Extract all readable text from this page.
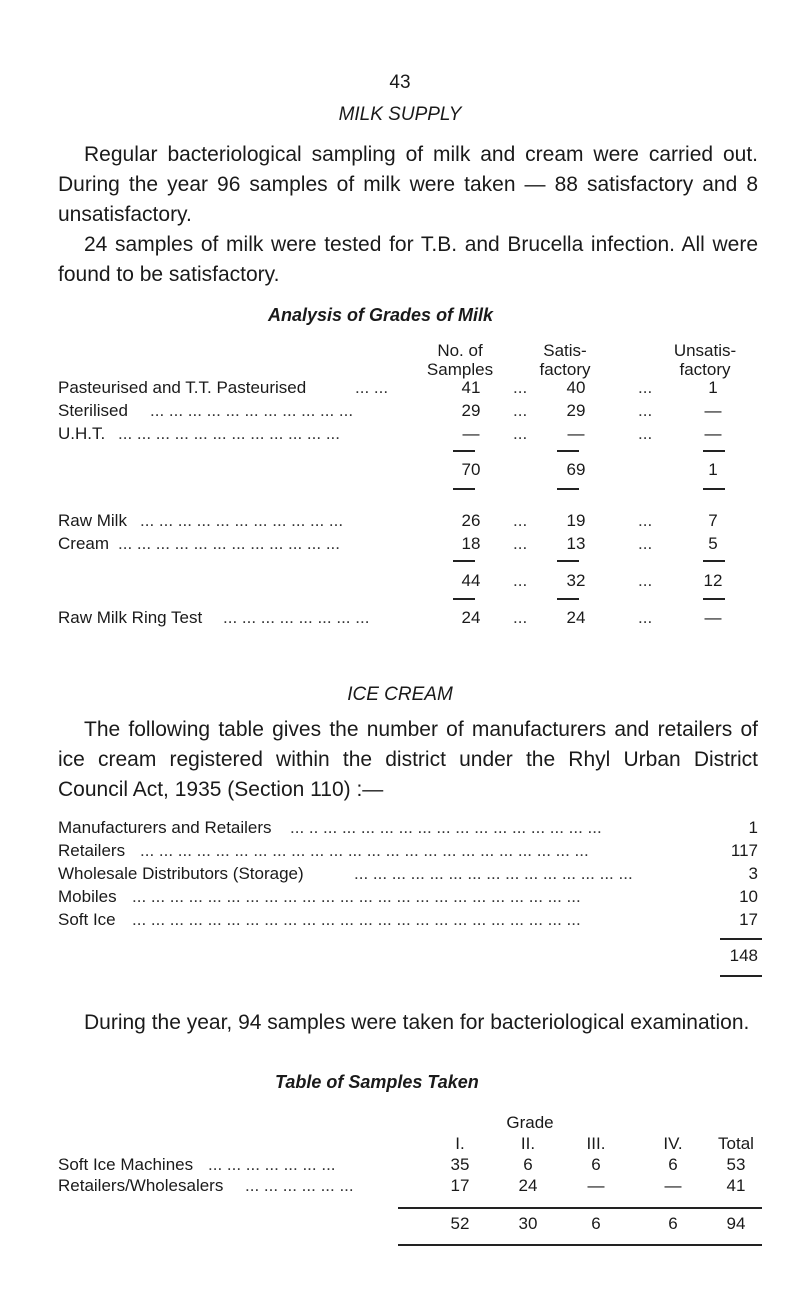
43
MILK SUPPLY

Regular bacteriological sampling of milk and cream were carried out. During the year 96 samples of milk were taken — 88 satisfactory and 8 unsatisfactory.

24 samples of milk were tested for T.B. and Brucella infection. All were found to be satisfactory.

Analysis of Grades of Milk
No. of Samples
Satis-factory
Unsatis-factory
Pasteurised and T.T. Pasteurised	... ...	41	...	40	...	1
Sterilised ... ... ... ... ... ... ... ... ... ... ...	29	...	29	...	—
U.H.T. ... ... ... ... ... ... ... ... ... ... ... ...	—	...	—	...	—
70	69	1
Raw Milk ... ... ... ... ... ... ... ... ... ... ...	26	...	19	...	7
Cream ... ... ... ... ... ... ... ... ... ... ... ...	18	...	13	...	5
44	...	32	...	12
Raw Milk Ring Test ... ... ... ... ... ... ... ...	24	...	24	...	—
ICE CREAM

The following table gives the number of manufacturers and retailers of ice cream registered within the district under the Rhyl Urban District Council Act, 1935 (Section 110) :—

Manufacturers and Retailers ... .. ... ... ... ... ... ... ... ... ... ... ... ... ... ... ...	1
Retailers ... ... ... ... ... ... ... ... ... ... ... ... ... ... ... ... ... ... ... ... ... ... ... ...	117
Wholesale Distributors (Storage)	... ... ... ... ... ... ... ... ... ... ... ... ... ... ...	3
Mobiles ... ... ... ... ... ... ... ... ... ... ... ... ... ... ... ... ... ... ... ... ... ... ... ...	10
Soft Ice ... ... ... ... ... ... ... ... ... ... ... ... ... ... ... ... ... ... ... ... ... ... ... ...	17
148

During the year, 94 samples were taken for bacteriological examination.

Table of Samples Taken
Grade
I.	II.	III.	IV.	Total
Soft Ice Machines ... ... ... ... ... ... ...	35	6	6	6	53
Retailers/Wholesalers ... ... ... ... ... ...	17	24	—	—	41
52	30	6	6	94
